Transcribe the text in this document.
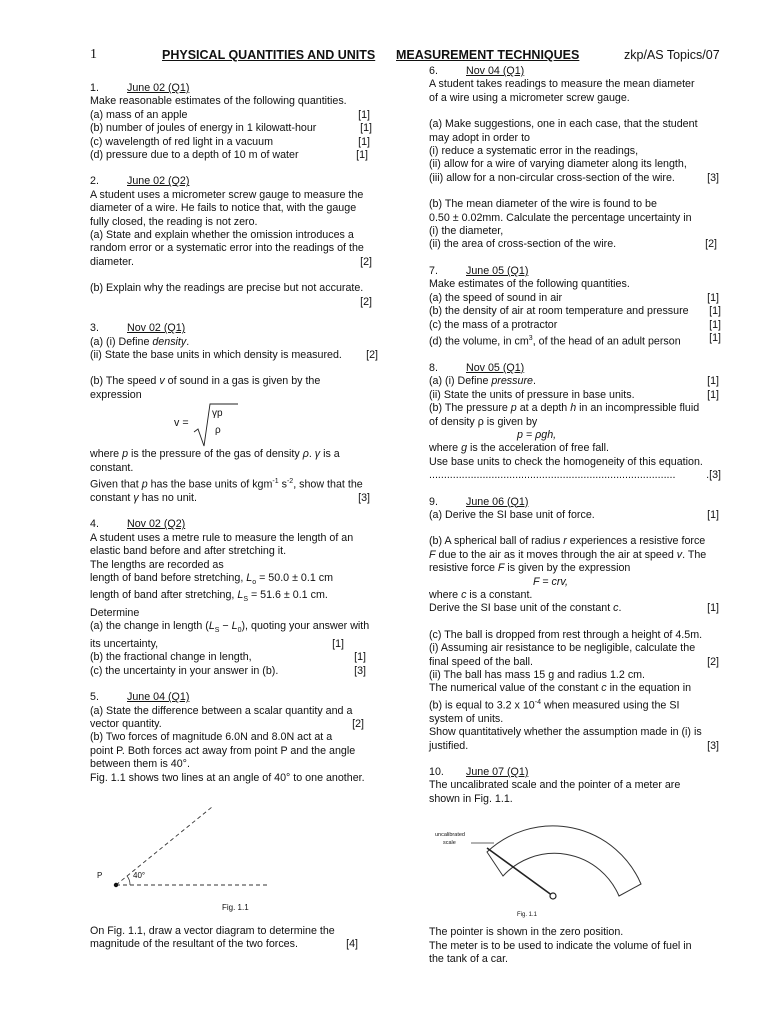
1	PHYSICAL QUANTITIES AND UNITS MEASUREMENT TECHNIQUES	zkp/AS Topics/07
1.	June 02 (Q1)

Make reasonable estimates of the following quantities.

(a) mass of an apple	[1]
(b) number of joules of energy in 1 kilowatt-hour	[1]
(c) wavelength of red light in a vacuum	[1]
(d) pressure due to a depth of 10 m of water	[1]
2.	June 02 (Q2)

A student uses a micrometer screw gauge to measure the

diameter of a wire. He fails to notice that, with the gauge

fully closed, the reading is not zero.

(a) State and explain whether the omission introduces a

random error or a systematic error into the readings of the

diameter.	[2]

(b) Explain why the readings are precise but not accurate.

[2]
3.	Nov 02 (Q1)

(a) (i) Define density.

(ii) State the base units in which density is measured. [2]

(b) The speed v of sound in a gas is given by the

expression

v =
γp
ρ

where p is the pressure of the gas of density ρ. γ is a

constant.

Given that p has the base units of kgm$^{-1}$ $s^{-2}$, show that the

constant γ has no unit.	[3]
4.	Nov 02 (Q2)

A student uses a metre rule to measure the length of an

elastic band before and after stretching it.

The lengths are recorded as

length of band before stretching, $L_o = 50.0 \pm 0.1$ cm

length of band after stretching, $L_S = 51.6 \pm 0.1$ cm.

Determine

(a) the change in length $(L_S - L_0)$, quoting your answer with

its uncertainty,	[1]
(b) the fractional change in length,	[1]
(c) the uncertainty in your answer in (b).	[3]
5.	June 04 (Q1)

(a) State the difference between a scalar quantity and a

vector quantity.	[2]

(b) Two forces of magnitude 6.0N and 8.0N act at a

point P. Both forces act away from point P and the angle

between them is 40°.

Fig. 1.1 shows two lines at an angle of 40° to one another.

P	40°
Fig. 1.1

On Fig. 1.1, draw a vector diagram to determine the

magnitude of the resultant of the two forces.	[4]
6.	Nov 04 (Q1)

A student takes readings to measure the mean diameter

of a wire using a micrometer screw gauge.

(a) Make suggestions, one in each case, that the student

may adopt in order to

(i) reduce a systematic error in the readings,

(ii) allow for a wire of varying diameter along its length,

(iii) allow for a non-circular cross-section of the wire.	[3]

(b) The mean diameter of the wire is found to be

0.50 ± 0.02mm. Calculate the percentage uncertainty in

(i) the diameter,

(ii) the area of cross-section of the wire.	[2]
7.	June 05 (Q1)

Make estimates of the following quantities.

(a) the speed of sound in air	[1]
(b) the density of air at room temperature and pressure [1]
(c) the mass of a protractor	[1]
(d) the volume, in $cm^3$, of the head of an adult person	[1]
8.	Nov 05 (Q1)
(a) (i) Define pressure.	[1]
(ii) State the units of pressure in base units.	[1]

(b) The pressure p at a depth h in an incompressible fluid

of density ρ is given by

p = ρgh,

where g is the acceleration of free fall.

Use base units to check the homogeneity of this equation.

...................................................................................	.[3]
9.	June 06 (Q1)
(a) Derive the SI base unit of force.	[1]

(b) A spherical ball of radius r experiences a resistive force

F due to the air as it moves through the air at speed v. The

resistive force F is given by the expression

F = crv,

where c is a constant.

Derive the SI base unit of the constant c.	[1]

(c) The ball is dropped from rest through a height of 4.5m.

(i) Assuming air resistance to be negligible, calculate the

final speed of the ball.	[2]

(ii) The ball has mass 15 g and radius 1.2 cm.

The numerical value of the constant c in the equation in

(b) is equal to 3.2 x $10^{-4}$ when measured using the SI

system of units.

Show quantitatively whether the assumption made in (i) is

justified.	[3]
10.	June 07 (Q1)

The uncalibrated scale and the pointer of a meter are

shown in Fig. 1.1.

uncalibrated
scale
Fig. 1.1

The pointer is shown in the zero position.

The meter is to be used to indicate the volume of fuel in

the tank of a car.
